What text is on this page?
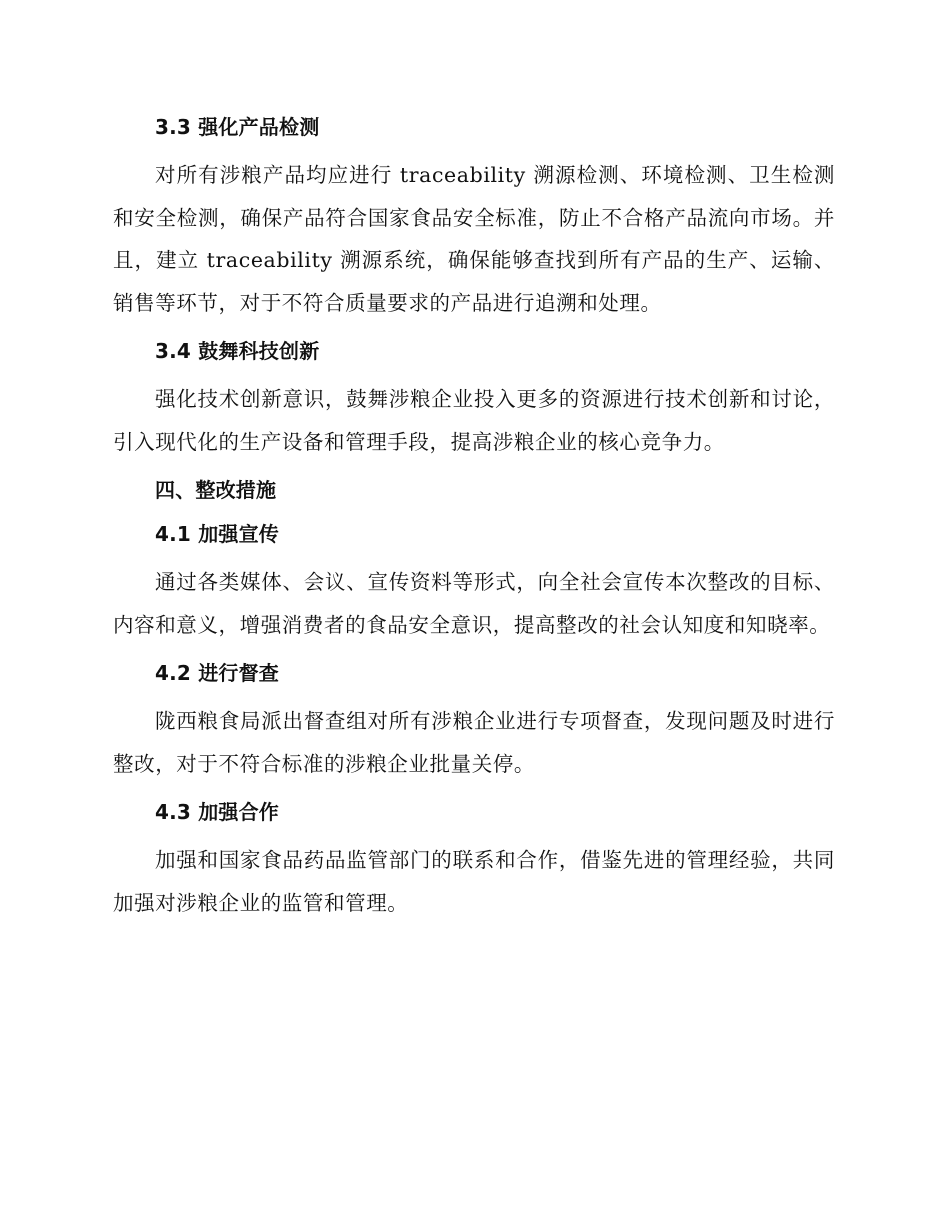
3.3 强化产品检测

对所有涉粮产品均应进行 traceability 溯源检测、环境检测、卫生检测和安全检测，确保产品符合国家食品安全标准，防止不合格产品流向市场。并且，建立 traceability 溯源系统，确保能够查找到所有产品的生产、运输、销售等环节，对于不符合质量要求的产品进行追溯和处理。

3.4 鼓舞科技创新

强化技术创新意识，鼓舞涉粮企业投入更多的资源进行技术创新和讨论，引入现代化的生产设备和管理手段，提高涉粮企业的核心竞争力。

四、整改措施
4.1 加强宣传

通过各类媒体、会议、宣传资料等形式，向全社会宣传本次整改的目标、内容和意义，增强消费者的食品安全意识，提高整改的社会认知度和知晓率。

4.2 进行督查

陇西粮食局派出督查组对所有涉粮企业进行专项督查，发现问题及时进行整改，对于不符合标准的涉粮企业批量关停。

4.3 加强合作

加强和国家食品药品监管部门的联系和合作，借鉴先进的管理经验，共同加强对涉粮企业的监管和管理。
